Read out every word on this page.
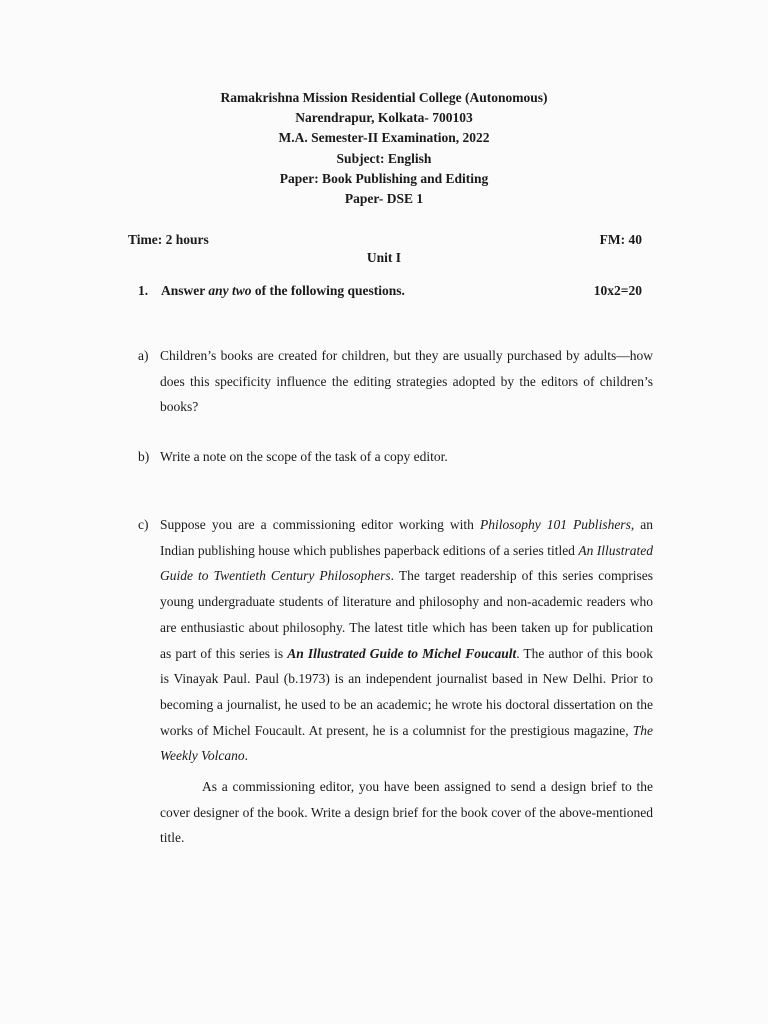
Ramakrishna Mission Residential College (Autonomous)
Narendrapur, Kolkata- 700103
M.A. Semester-II Examination, 2022
Subject: English
Paper: Book Publishing and Editing
Paper- DSE 1
Time: 2 hours	FM: 40
Unit I
1. Answer any two of the following questions.	10x2=20
a) Children’s books are created for children, but they are usually purchased by adults—how does this specificity influence the editing strategies adopted by the editors of children’s books?

b) Write a note on the scope of the task of a copy editor.

c) Suppose you are a commissioning editor working with Philosophy 101 Publishers, an Indian publishing house which publishes paperback editions of a series titled An Illustrated Guide to Twentieth Century Philosophers. The target readership of this series comprises young undergraduate students of literature and philosophy and non-academic readers who are enthusiastic about philosophy. The latest title which has been taken up for publication as part of this series is An Illustrated Guide to Michel Foucault. The author of this book is Vinayak Paul. Paul (b.1973) is an independent journalist based in New Delhi. Prior to becoming a journalist, he used to be an academic; he wrote his doctoral dissertation on the works of Michel Foucault. At present, he is a columnist for the prestigious magazine, The Weekly Volcano.

As a commissioning editor, you have been assigned to send a design brief to the cover designer of the book. Write a design brief for the book cover of the above-mentioned title.
